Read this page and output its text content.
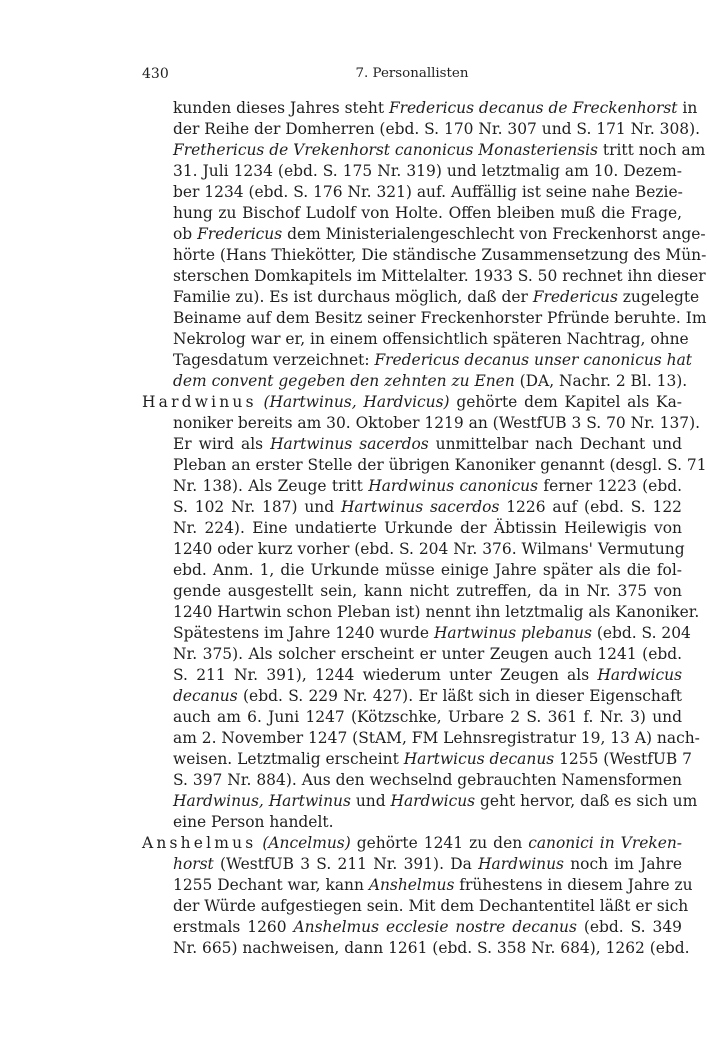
430	7. Personallisten
kunden dieses Jahres steht Fredericus decanus de Freckenhorst in
der Reihe der Domherren (ebd. S. 170 Nr. 307 und S. 171 Nr. 308).
Frethericus de Vrekenhorst canonicus Monasteriensis tritt noch am
31. Juli 1234 (ebd. S. 175 Nr. 319) und letztmalig am 10. Dezem-
ber 1234 (ebd. S. 176 Nr. 321) auf. Auffällig ist seine nahe Bezie-
hung zu Bischof Ludolf von Holte. Offen bleiben muß die Frage,
ob Fredericus dem Ministerialengeschlecht von Freckenhorst ange-
hörte (Hans Thiekötter, Die ständische Zusammensetzung des Mün-
sterschen Domkapitels im Mittelalter. 1933 S. 50 rechnet ihn dieser
Familie zu). Es ist durchaus möglich, daß der Fredericus zugelegte
Beiname auf dem Besitz seiner Freckenhorster Pfründe beruhte. Im
Nekrolog war er, in einem offensichtlich späteren Nachtrag, ohne
Tagesdatum verzeichnet: Fredericus decanus unser canonicus hat
dem convent gegeben den zehnten zu Enen (DA, Nachr. 2 Bl. 13).
Hardwinus (Hartwinus, Hardvicus) gehörte dem Kapitel als Ka-
noniker bereits am 30. Oktober 1219 an (WestfUB 3 S. 70 Nr. 137).
Er wird als Hartwinus sacerdos unmittelbar nach Dechant und
Pleban an erster Stelle der übrigen Kanoniker genannt (desgl. S. 71
Nr. 138). Als Zeuge tritt Hardwinus canonicus ferner 1223 (ebd.
S. 102 Nr. 187) und Hartwinus sacerdos 1226 auf (ebd. S. 122
Nr. 224). Eine undatierte Urkunde der Äbtissin Heilewigis von
1240 oder kurz vorher (ebd. S. 204 Nr. 376. Wilmans' Vermutung
ebd. Anm. 1, die Urkunde müsse einige Jahre später als die fol-
gende ausgestellt sein, kann nicht zutreffen, da in Nr. 375 von
1240 Hartwin schon Pleban ist) nennt ihn letztmalig als Kanoniker.
Spätestens im Jahre 1240 wurde Hartwinus plebanus (ebd. S. 204
Nr. 375). Als solcher erscheint er unter Zeugen auch 1241 (ebd.
S. 211 Nr. 391), 1244 wiederum unter Zeugen als Hardwicus
decanus (ebd. S. 229 Nr. 427). Er läßt sich in dieser Eigenschaft
auch am 6. Juni 1247 (Kötzschke, Urbare 2 S. 361 f. Nr. 3) und
am 2. November 1247 (StAM, FM Lehnsregistratur 19, 13 A) nach-
weisen. Letztmalig erscheint Hartwicus decanus 1255 (WestfUB 7
S. 397 Nr. 884). Aus den wechselnd gebrauchten Namensformen
Hardwinus, Hartwinus und Hardwicus geht hervor, daß es sich um
eine Person handelt.
Anshelmus (Ancelmus) gehörte 1241 zu den canonici in Vreken-
horst (WestfUB 3 S. 211 Nr. 391). Da Hardwinus noch im Jahre
1255 Dechant war, kann Anshelmus frühestens in diesem Jahre zu
der Würde aufgestiegen sein. Mit dem Dechantentitel läßt er sich
erstmals 1260 Anshelmus ecclesie nostre decanus (ebd. S. 349
Nr. 665) nachweisen, dann 1261 (ebd. S. 358 Nr. 684), 1262 (ebd.
